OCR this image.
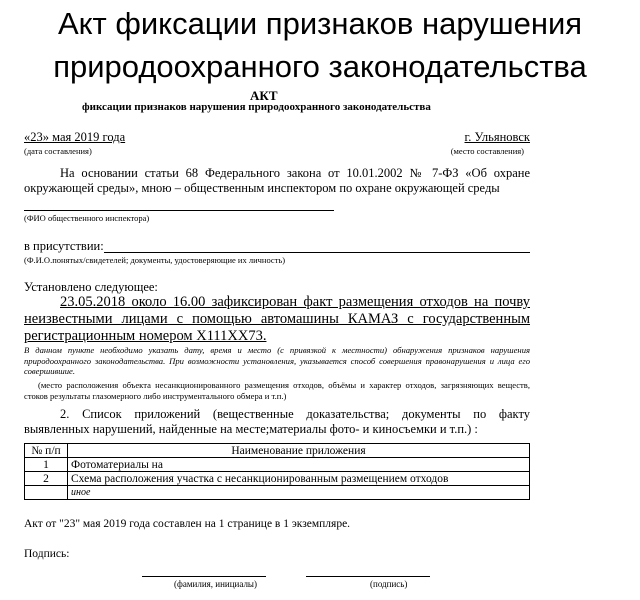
Акт фиксации признаков нарушения
природоохранного законодательства
АКТ
фиксации признаков нарушения природоохранного законодательства
«23» мая 2019 года	г. Ульяновск
(дата составления)	(место составления)
На основании статьи 68 Федерального закона от 10.01.2002 № 7-ФЗ «Об охране окружающей среды», мною – общественным инспектором по охране окружающей среды
(ФИО общественного инспектора)
в присутствии:
(Ф.И.О.понятых/свидетелей; документы, удостоверяющие их личность)
Установлено следующее:
23.05.2018 около 16.00 зафиксирован факт размещения отходов на почву неизвестными лицами с помощью автомашины КАМАЗ с государственным регистрационным номером Х111ХХ73.
В данном пункте необходимо указать дату, время и место (с привязкой к местности) обнаружения признаков нарушения природоохранного законодательства. При возможности установления, указывается способ совершения правонарушения и лица его совершившие.
(место расположения объекта несанкционированного размещения отходов, объёмы и характер отходов, загрязняющих веществ, стоков результаты глазомерного либо инструментального обмера и т.п.)
2. Список приложений (вещественные доказательства; документы по факту выявленных нарушений, найденные на месте;материалы фото- и киносъемки и т.п.) :
№ п/п	Наименование приложения
1	Фотоматериалы на
2	Схема расположения участка с несанкционированным размещением отходов
	иное
Акт от "23" мая 2019 года составлен на 1 странице в 1 экземпляре.
Подпись:
(фамилия, инициалы)	(подпись)
